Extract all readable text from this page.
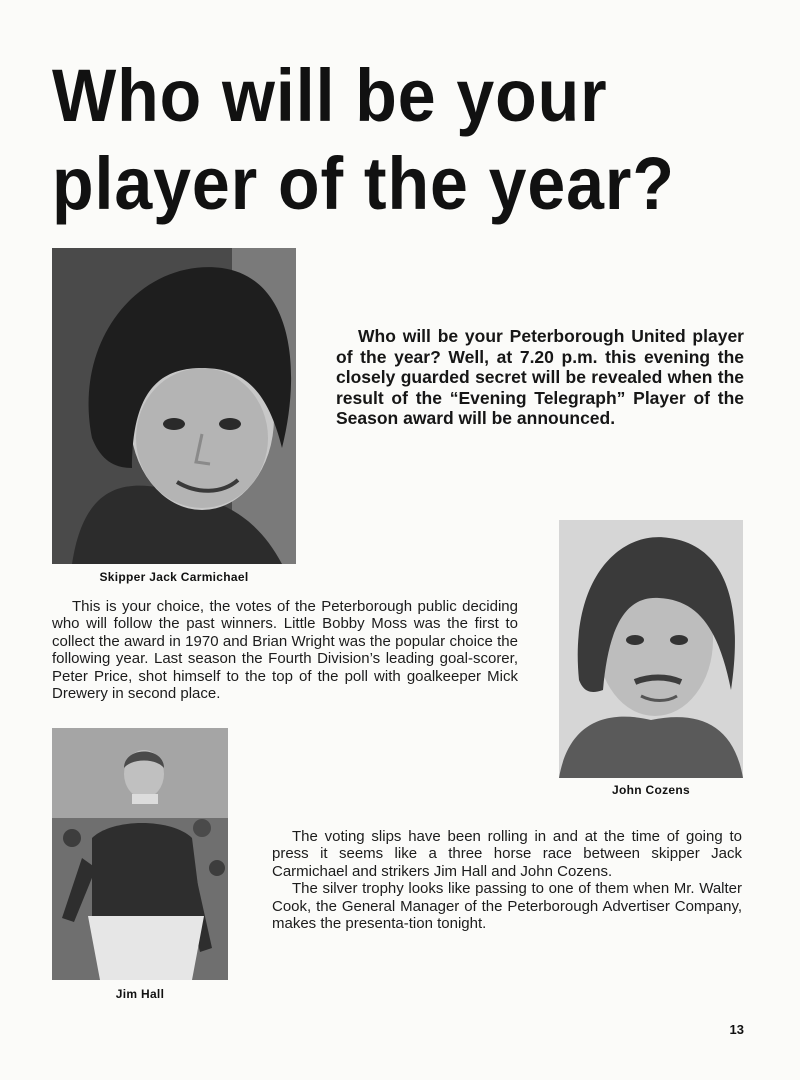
Who will be your
player of the year?
Skipper Jack Carmichael

Who will be your Peterborough United player of the year? Well, at 7.20 p.m. this evening the closely guarded secret will be revealed when the result of the “Evening Telegraph” Player of the Season award will be announced.

John Cozens

This is your choice, the votes of the Peterborough public deciding who will follow the past winners. Little Bobby Moss was the first to collect the award in 1970 and Brian Wright was the popular choice the following year. Last season the Fourth Division’s leading goal-scorer, Peter Price, shot himself to the top of the poll with goalkeeper Mick Drewery in second place.

Jim Hall

The voting slips have been rolling in and at the time of going to press it seems like a three horse race between skipper Jack Carmichael and strikers Jim Hall and John Cozens.

The silver trophy looks like passing to one of them when Mr. Walter Cook, the General Manager of the Peterborough Advertiser Company, makes the presenta-tion tonight.

13
